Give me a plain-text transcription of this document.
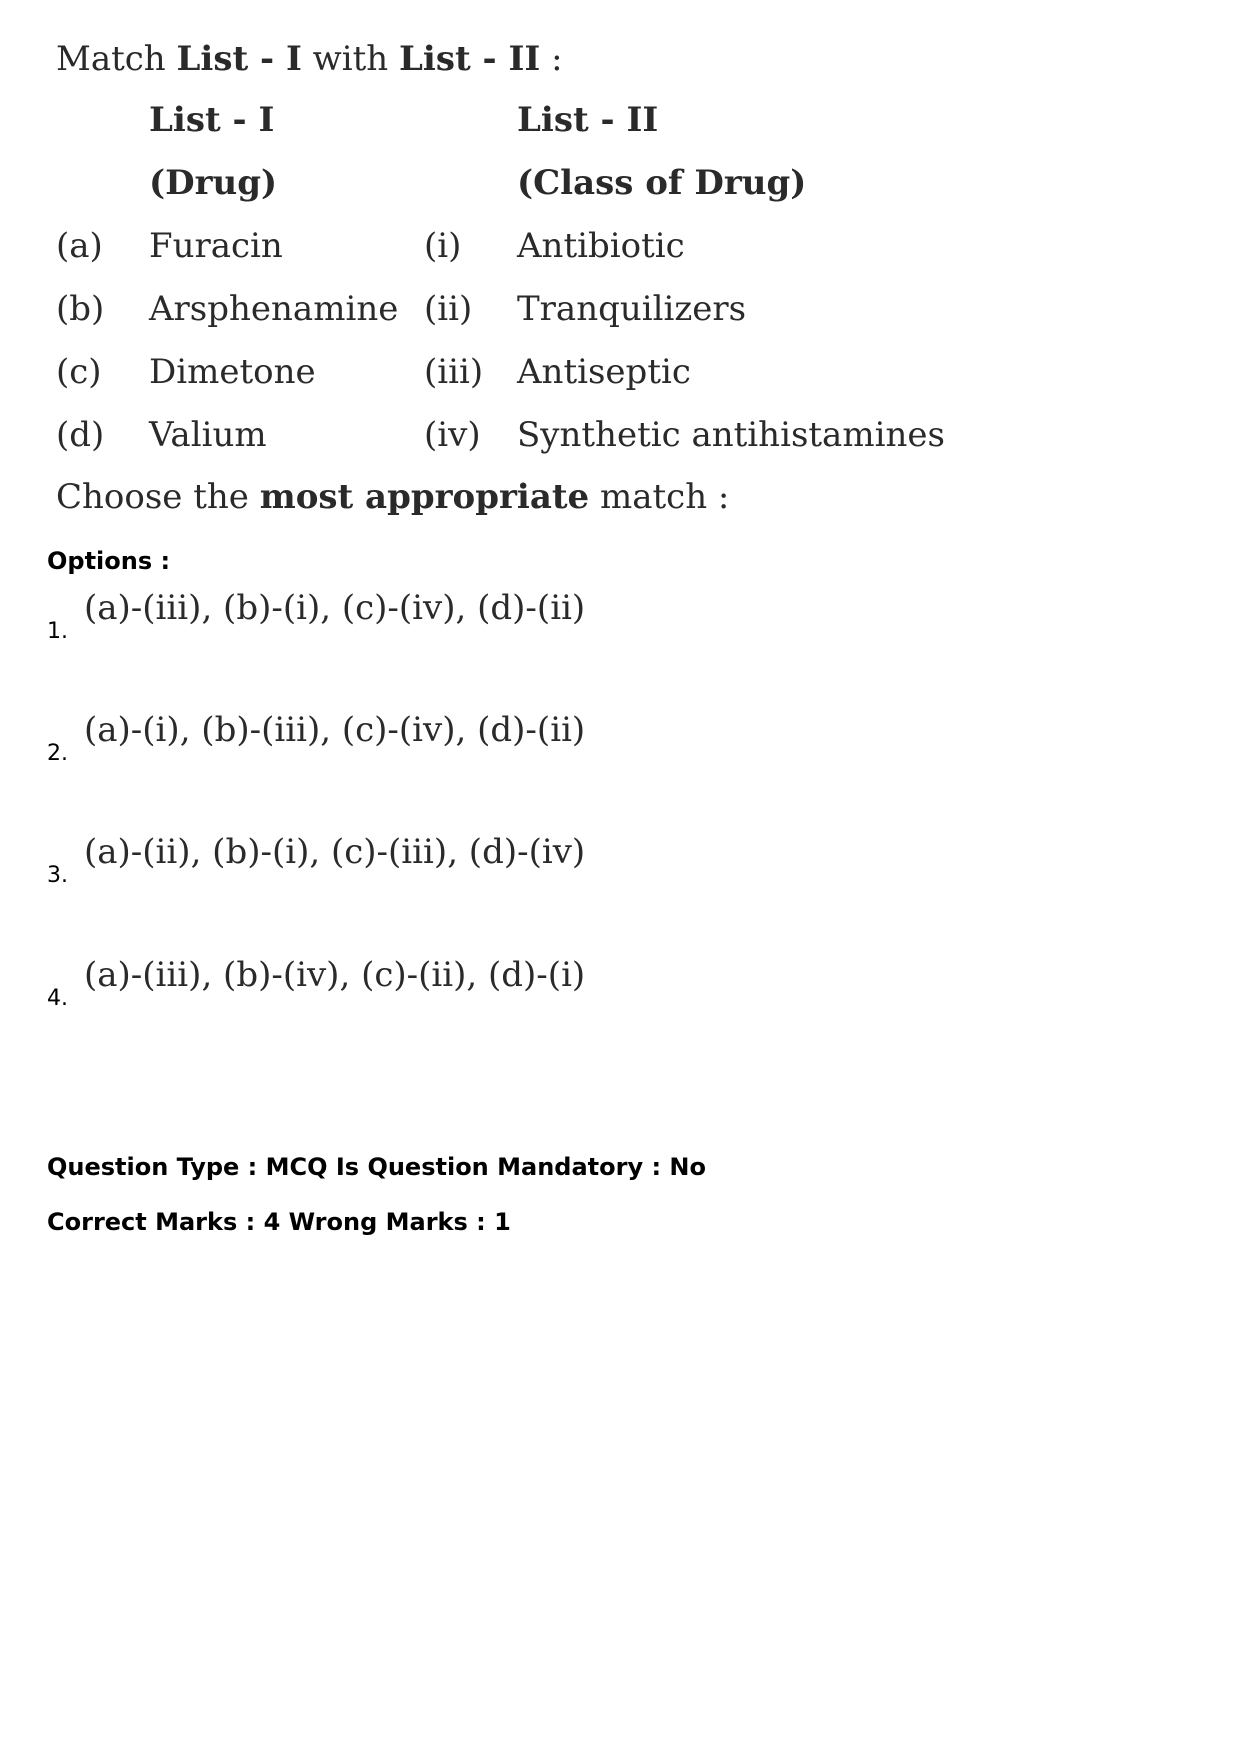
Match List - I with List - II :
	List - I		List - II
	(Drug)		(Class of Drug)
(a)	Furacin	(i)	Antibiotic
(b)	Arsphenamine	(ii)	Tranquilizers
(c)	Dimetone	(iii)	Antiseptic
(d)	Valium	(iv)	Synthetic antihistamines
Choose the most appropriate match :
Options :
1.
(a)-(iii), (b)-(i), (c)-(iv), (d)-(ii)
2.
(a)-(i), (b)-(iii), (c)-(iv), (d)-(ii)
3.
(a)-(ii), (b)-(i), (c)-(iii), (d)-(iv)
4.
(a)-(iii), (b)-(iv), (c)-(ii), (d)-(i)
Question Type : MCQ Is Question Mandatory : No
Correct Marks : 4 Wrong Marks : 1
